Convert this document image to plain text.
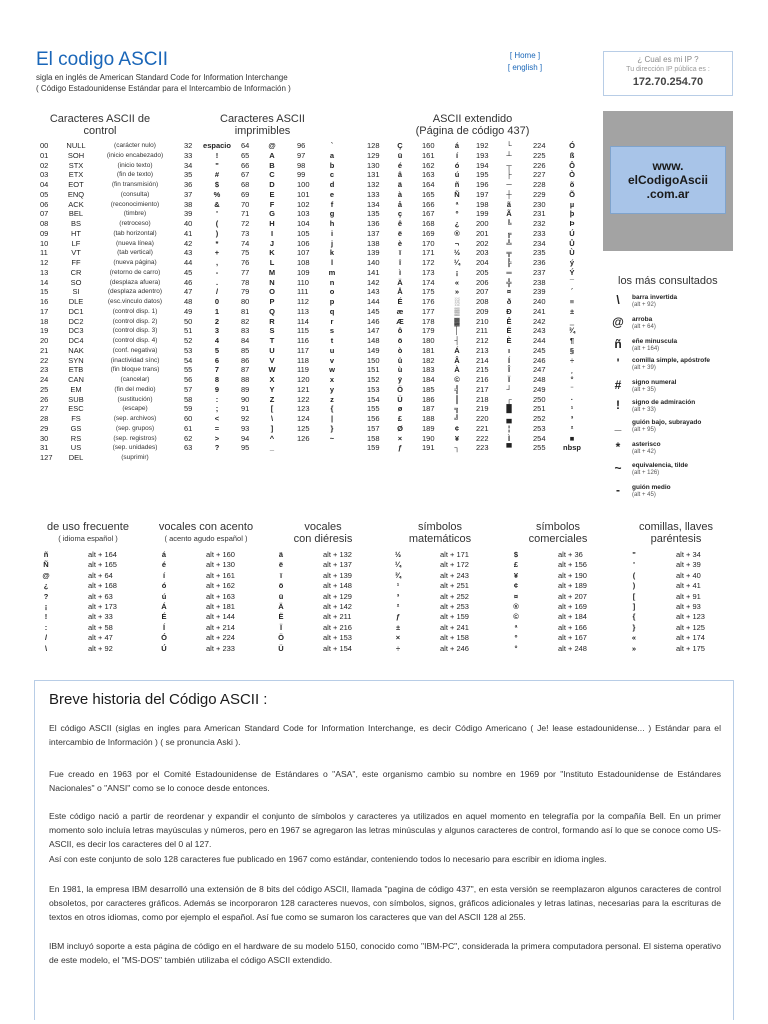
El codigo ASCII
sigla en inglés de American Standard Code for Information Interchange
( Código Estadounidense Estándar para el Intercambio de Información )
[ Home ]
[ english ]
¿ Cual es mi IP ?
Tu dirección IP pública es :
172.70.254.70
www.
elCodigoAscii
.com.ar
los más consultados
\	barra invertida
(alt + 92)
@ arroba
(alt + 64)
ñ	eñe minuscula
(alt + 164)
'	comilla simple, apóstrofe
(alt + 39)
#	signo numeral
(alt + 35)
!	signo de admiración
(alt + 33)
_	guión bajo, subrayado
(alt + 95)
*	asterisco
(alt + 42)
~	equivalencia, tilde
(alt + 126)
-	guión medio
(alt + 45)
Caracteres ASCII de control
Caracteres ASCII imprimibles
ASCII extendido
(Página de código 437)
00	NULL	(carácter nulo)
01	SOH	(inicio encabezado)
02	STX	(inicio texto)
03	ETX	(fin de texto)
04	EOT	(fin transmisión)
05	ENQ	(consulta)
06	ACK	(reconocimiento)
07	BEL	(timbre)
08	BS	(retroceso)
09	HT	(tab horizontal)
10	LF	(nueva línea)
11	VT	(tab vertical)
12	FF	(nueva página)
13	CR	(retorno de carro)
14	SO	(desplaza afuera)
15	SI	(desplaza adentro)
16	DLE	(esc.vinculo datos)
17	DC1	(control disp. 1)
18	DC2	(control disp. 2)
19	DC3	(control disp. 3)
20	DC4	(control disp. 4)
21	NAK	(conf. negativa)
22	SYN	(inactividad sínc)
23	ETB	(fin bloque trans)
24	CAN	(cancelar)
25	EM	(fin del medio)
26	SUB	(sustitución)
27	ESC	(escape)
28	FS	(sep. archivos)
29	GS	(sep. grupos)
30	RS	(sep. registros)
31	US	(sep. unidades)
127	DEL	(suprimir)
32	espacio	64	@	96	`
33	!	65	A	97	a
34	"	66	B	98	b
35	#	67	C	99	c
36	$	68	D	100	d
37	%	69	E	101	e
38	&	70	F	102	f
39	'	71	G	103	g
40	(	72	H	104	h
41	)	73	I	105	i
42	*	74	J	106	j
43	+	75	K	107	k
44	,	76	L	108	l
45	-	77	M	109	m
46	.	78	N	110	n
47	/	79	O	111	o
48	0	80	P	112	p
49	1	81	Q	113	q
50	2	82	R	114	r
51	3	83	S	115	s
52	4	84	T	116	t
53	5	85	U	117	u
54	6	86	V	118	v
55	7	87	W	119	w
56	8	88	X	120	x
57	9	89	Y	121	y
58	:	90	Z	122	z
59	;	91	[	123	{
60	<	92	\	124	|
61	=	93	]	125	}
62	>	94	^	126	~
63	?	95	_
128	Ç	160	á	192	└	224	Ó
129	ü	161	í	193	┴	225	ß
130	é	162	ó	194	┬	226	Ô
131	â	163	ú	195	├	227	Ò
132	ä	164	ñ	196	─	228	õ
133	à	165	Ñ	197	┼	229	Õ
134	å	166	ª	198	ã	230	µ
135	ç	167	º	199	Ã	231	þ
136	ê	168	¿	200	╚	232	Þ
137	ë	169	®	201	╔	233	Ú
138	è	170	¬	202	╩	234	Û
139	ï	171	½	203	╦	235	Ù
140	î	172	¼	204	╠	236	ý
141	ì	173	¡	205	═	237	Ý
142	Ä	174	«	206	╬	238	¯
143	Å	175	»	207	¤	239	´
144	É	176	░	208	ð	240	≡
145	æ	177	▒	209	Ð	241	±
146	Æ	178	▓	210	Ê	242	‗
147	ô	179	│	211	Ë	243	¾
148	ö	180	┤	212	È	244	¶
149	ò	181	Á	213	ı	245	§
150	û	182	Â	214	Í	246	÷
151	ù	183	À	215	Î	247	¸
152	ÿ	184	©	216	Ï	248	°
153	Ö	185	╣	217	┘	249	¨
154	Ü	186	║	218	┌	250	·
155	ø	187	╗	219	█	251	¹
156	£	188	╝	220	▄	252	³
157	Ø	189	¢	221	¦	253	²
158	×	190	¥	222	Ì	254	■
159	ƒ	191	┐	223	▀	255	nbsp
de uso frecuente
( idioma español )
ñ	alt + 164
Ñ	alt + 165
@	alt + 64
¿	alt + 168
?	alt + 63
¡	alt + 173
!	alt + 33
:	alt + 58
/	alt + 47
\	alt + 92
vocales con acento
( acento agudo español )
á	alt + 160
é	alt + 130
í	alt + 161
ó	alt + 162
ú	alt + 163
Á	alt + 181
É	alt + 144
Í	alt + 214
Ó	alt + 224
Ú	alt + 233
vocales
con diéresis
ä	alt + 132
ë	alt + 137
ï	alt + 139
ö	alt + 148
ü	alt + 129
Ä	alt + 142
Ë	alt + 211
Ï	alt + 216
Ö	alt + 153
Ü	alt + 154
símbolos
matemáticos
½	alt + 171
¼	alt + 172
¾	alt + 243
¹	alt + 251
³	alt + 252
²	alt + 253
ƒ	alt + 159
±	alt + 241
×	alt + 158
÷	alt + 246
símbolos
comerciales
$	alt + 36
£	alt + 156
¥	alt + 190
¢	alt + 189
¤	alt + 207
®	alt + 169
©	alt + 184
ª	alt + 166
º	alt + 167
°	alt + 248
comillas, llaves
paréntesis
"	alt + 34
'	alt + 39
(	alt + 40
)	alt + 41
[	alt + 91
]	alt + 93
{	alt + 123
}	alt + 125
«	alt + 174
»	alt + 175
Breve historia del Código ASCII :
El código ASCII (siglas en ingles para American Standard Code for Information Interchange, es decir Código Americano ( Je! lease estadounidense... ) Estándar para el intercambio de Información ) ( se pronuncia Aski ).
Fue creado en 1963 por el Comité Estadounidense de Estándares o "ASA", este organismo cambio su nombre en 1969 por "Instituto Estadounidense de Estándares Nacionales" o "ANSI" como se lo conoce desde entonces.
Este código nació a partir de reordenar y expandir el conjunto de símbolos y caracteres ya utilizados en aquel momento en telegrafía por la compañía Bell. En un primer momento solo incluía letras mayúsculas y números, pero en 1967 se agregaron las letras minúsculas y algunos caracteres de control, formando así lo que se conoce como US-ASCII, es decir los caracteres del 0 al 127.
Así con este conjunto de solo 128 caracteres fue publicado en 1967 como estándar, conteniendo todos lo necesario para escribir en idioma ingles.
En 1981, la empresa IBM desarrolló una extensión de 8 bits del código ASCII, llamada "pagina de código 437", en esta versión se reemplazaron algunos caracteres de control obsoletos, por caracteres gráficos. Además se incorporaron 128 caracteres nuevos, con símbolos, signos, gráficos adicionales y letras latinas, necesarias para la escrituras de textos en otros idiomas, como por ejemplo el español. Así fue como se sumaron los caracteres que van del ASCII 128 al 255.
IBM incluyó soporte a esta página de código en el hardware de su modelo 5150, conocido como "IBM-PC", considerada la primera computadora personal. El sistema operativo de este modelo, el "MS-DOS" también utilizaba el código ASCII extendido.
